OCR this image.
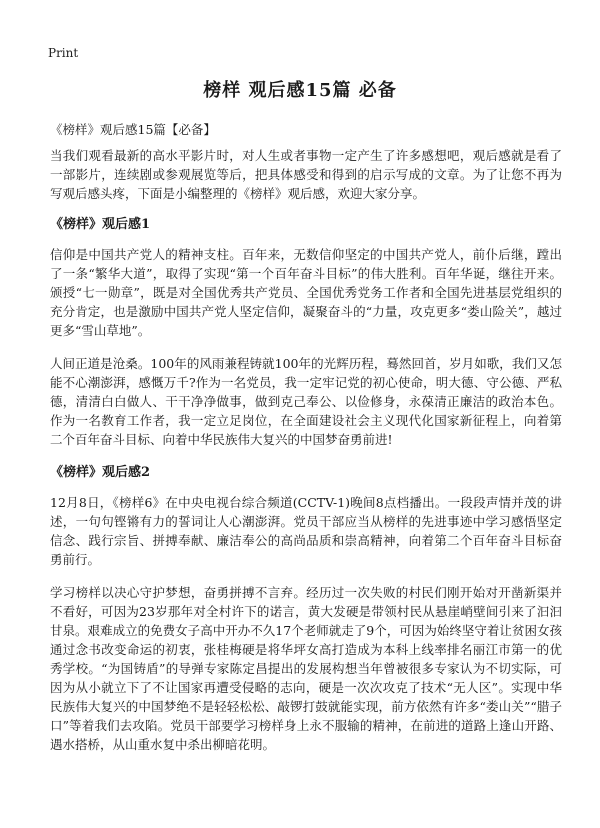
Print
榜样 观后感15篇 必备
《榜样》观后感15篇【必备】

当我们观看最新的高水平影片时，对人生或者事物一定产生了许多感想吧，观后感就是看了一部影片，连续剧或参观展览等后，把具体感受和得到的启示写成的文章。为了让您不再为写观后感头疼，下面是小编整理的《榜样》观后感，欢迎大家分享。

《榜样》观后感1

信仰是中国共产党人的精神支柱。百年来，无数信仰坚定的中国共产党人，前仆后继，蹚出了一条“繁华大道”，取得了实现“第一个百年奋斗目标”的伟大胜利。百年华诞，继往开来。颁授“七一勋章”，既是对全国优秀共产党员、全国优秀党务工作者和全国先进基层党组织的充分肯定，也是激励中国共产党人坚定信仰，凝聚奋斗的“力量，攻克更多“娄山险关”，越过更多“雪山草地”。

人间正道是沧桑。100年的风雨兼程铸就100年的光辉历程，蓦然回首，岁月如歌，我们又怎能不心潮澎湃，感慨万千?作为一名党员，我一定牢记党的初心使命，明大德、守公德、严私德，清清白白做人、干干净净做事，做到克己奉公、以俭修身，永葆清正廉洁的政治本色。作为一名教育工作者，我一定立足岗位，在全面建设社会主义现代化国家新征程上，向着第二个百年奋斗目标、向着中华民族伟大复兴的中国梦奋勇前进!

《榜样》观后感2

12月8日，《榜样6》在中央电视台综合频道(CCTV-1)晚间8点档播出。一段段声情并茂的讲述，一句句铿锵有力的誓词让人心潮澎湃。党员干部应当从榜样的先进事迹中学习感悟坚定信念、践行宗旨、拼搏奉献、廉洁奉公的高尚品质和崇高精神，向着第二个百年奋斗目标奋勇前行。

学习榜样以决心守护梦想，奋勇拼搏不言弃。经历过一次失败的村民们刚开始对开凿新渠并不看好，可因为23岁那年对全村许下的诺言，黄大发硬是带领村民从悬崖峭壁间引来了汩汩甘泉。艰难成立的免费女子高中开办不久17个老师就走了9个，可因为始终坚守着让贫困女孩通过念书改变命运的初衷，张桂梅硬是将华坪女高打造成为本科上线率排名丽江市第一的优秀学校。“为国铸盾”的导弹专家陈定昌提出的发展构想当年曾被很多专家认为不切实际，可因为从小就立下了不让国家再遭受侵略的志向，硬是一次次攻克了技术“无人区”。实现中华民族伟大复兴的中国梦绝不是轻轻松松、敲锣打鼓就能实现，前方依然有许多“娄山关”“腊子口”等着我们去攻陷。党员干部要学习榜样身上永不服输的精神，在前进的道路上逢山开路、遇水搭桥，从山重水复中杀出柳暗花明。
